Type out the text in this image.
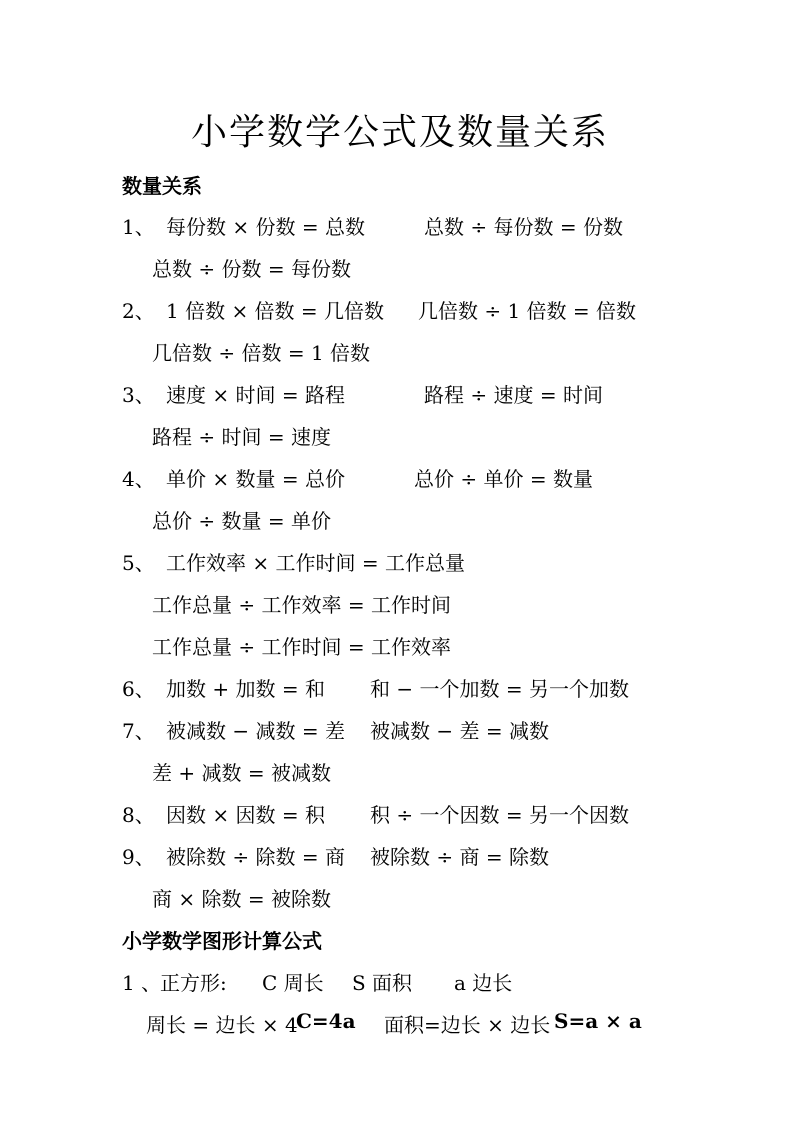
小学数学公式及数量关系
数量关系
1、 每份数 × 份数 = 总数	总数 ÷ 每份数 = 份数
总数 ÷ 份数 = 每份数
2、 1 倍数 × 倍数 = 几倍数 几倍数 ÷ 1 倍数 = 倍数
几倍数 ÷ 倍数 = 1 倍数
3、 速度 × 时间 = 路程	路程 ÷ 速度 = 时间
路程 ÷ 时间 = 速度
4、 单价 × 数量 = 总价	总价 ÷ 单价 = 数量
总价 ÷ 数量 = 单价
5、 工作效率 × 工作时间 = 工作总量
工作总量 ÷ 工作效率 = 工作时间
工作总量 ÷ 工作时间 = 工作效率
6、 加数 + 加数 = 和 和 − 一个加数 = 另一个加数
7、 被减数 − 减数 = 差 被减数 − 差 = 减数
差 + 减数 = 被减数
8、 因数 × 因数 = 积 积 ÷ 一个因数 = 另一个因数
9、 被除数 ÷ 除数 = 商 被除数 ÷ 商 = 除数
商 × 除数 = 被除数
小学数学图形计算公式
1 、
正方形: C 周长 S 面积 a 边长
周长 = 边长 × 4
C=4a 面积=边长 × 边长 S=a × a
